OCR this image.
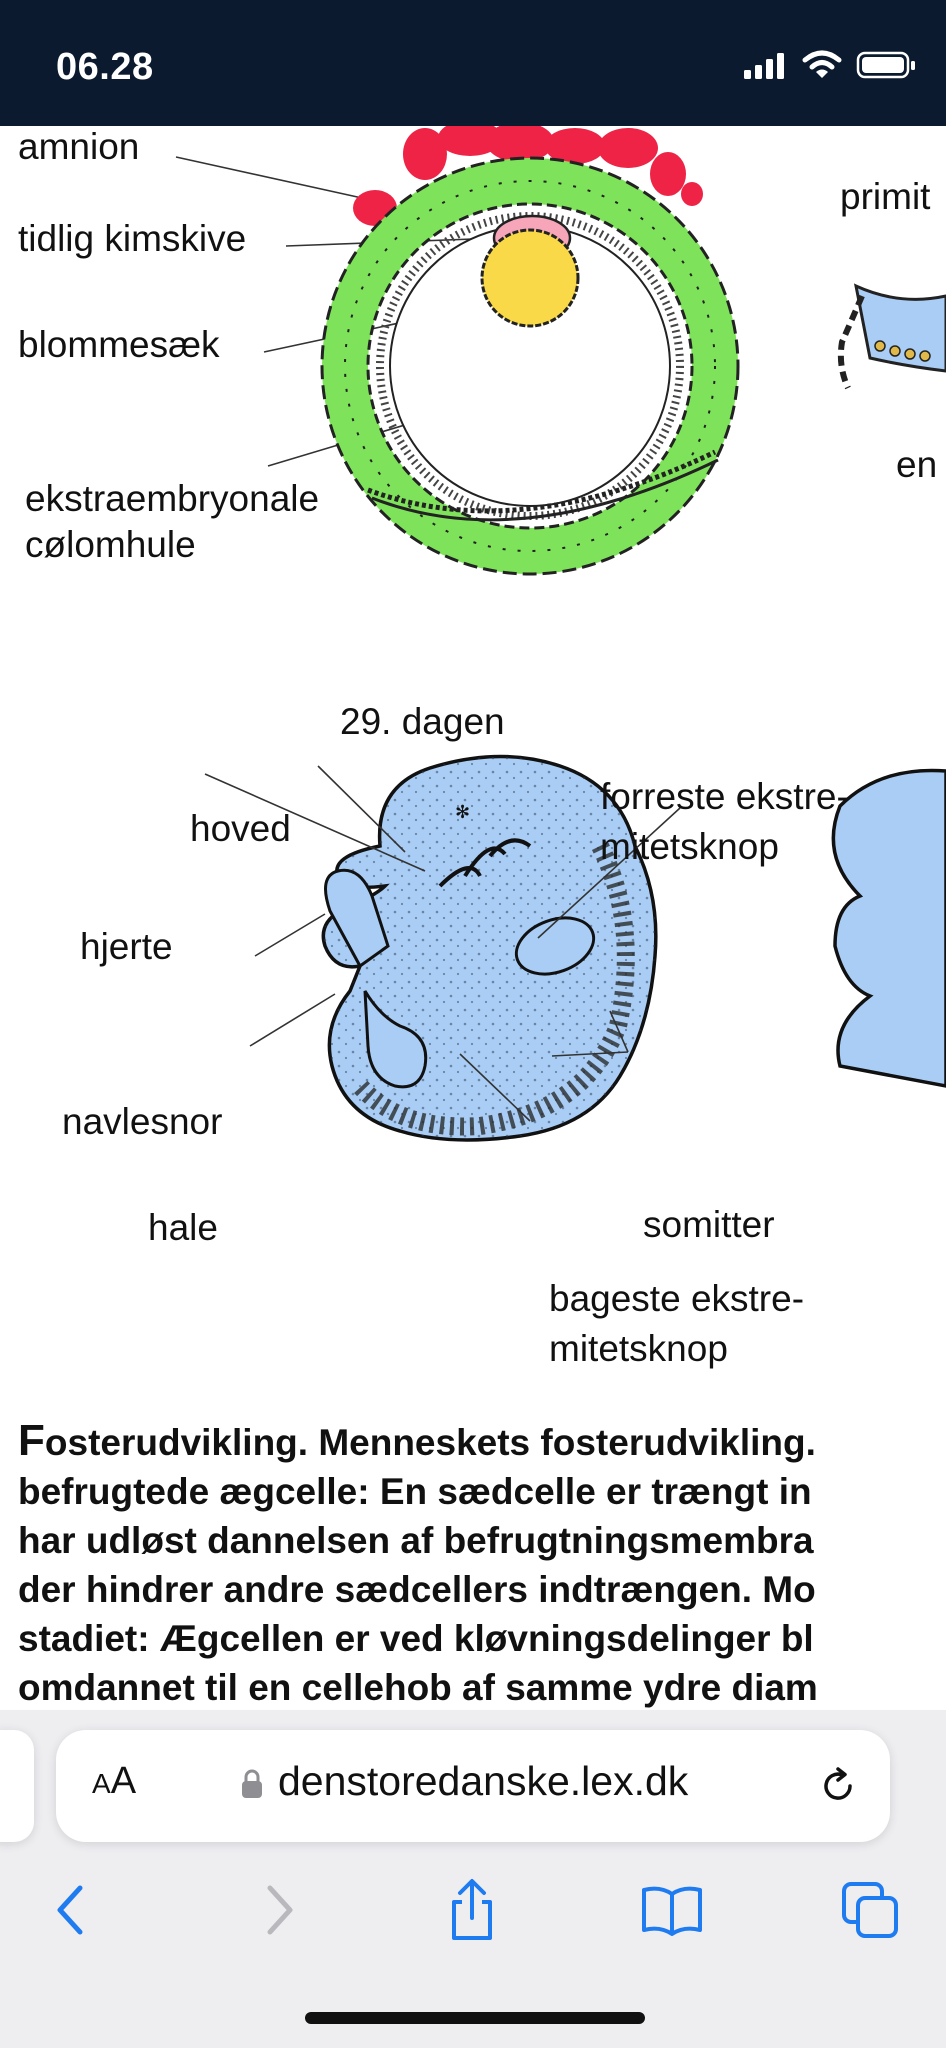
06.28
amnion
tidlig kimskive
blommesæk
ekstraembryonale
cølomhule
primit
en
29. dagen
✻
hoved
hjerte
navlesnor
hale
forreste ekstre-
mitetsknop
somitter
bageste ekstre-
mitetsknop
Fosterudvikling. Menneskets fosterudvikling.
befrugtede ægcelle: En sædcelle er trængt in
har udløst dannelsen af befrugtningsmembra
der hindrer andre sædcellers indtrængen. Mo
stadiet: Ægcellen er ved kløvningsdelinger bl
omdannet til en cellehob af samme ydre diam
AA	denstoredanske.lex.dk
